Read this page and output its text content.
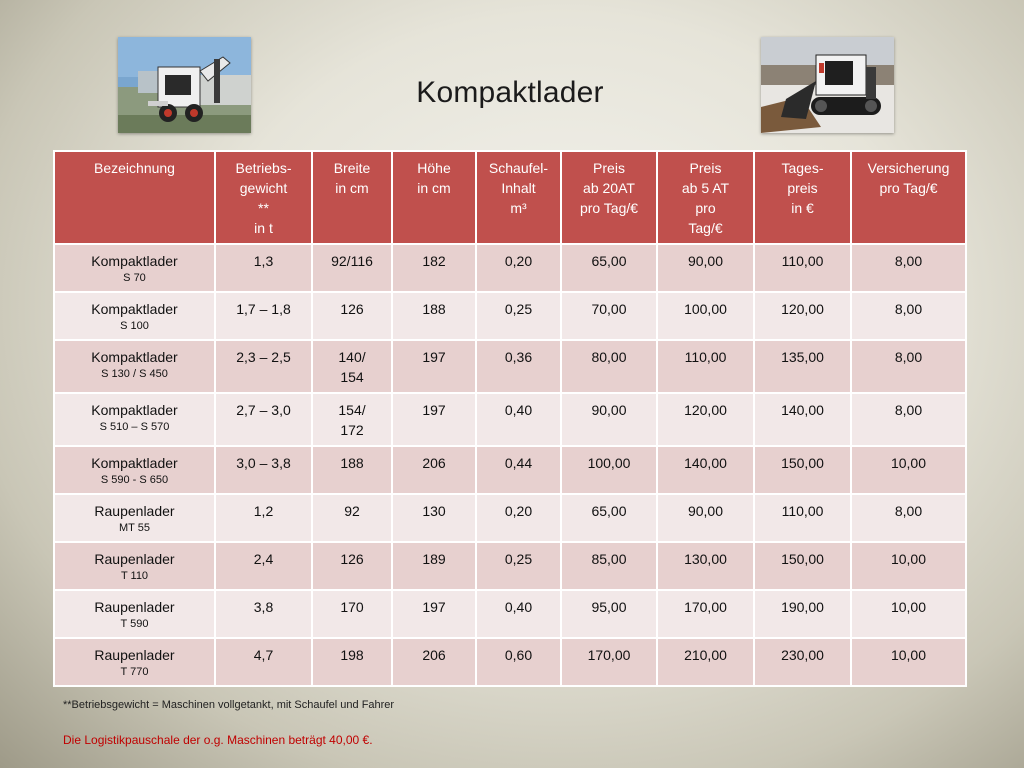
Kompaktlader
Bezeichnung	Betriebs-
gewicht
**
in t	Breite
in cm	Höhe
in cm	Schaufel-
Inhalt
m³	Preis
ab 20AT
pro Tag/€	Preis
ab 5 AT
pro
Tag/€	Tages-
preis
in €	Versicherung
pro Tag/€

Kompaktlader
S 70	1,3	92/116	182	0,20	65,00	90,00	110,00	8,00

Kompaktlader
S 100	1,7 – 1,8	126	188	0,25	70,00	100,00	120,00	8,00

Kompaktlader
S 130 / S 450	2,3 – 2,5	140/
154	197	0,36	80,00	110,00	135,00	8,00

Kompaktlader
S 510 – S 570	2,7 – 3,0	154/
172	197	0,40	90,00	120,00	140,00	8,00

Kompaktlader
S 590 - S 650	3,0 – 3,8	188	206	0,44	100,00	140,00	150,00	10,00

Raupenlader
MT 55	1,2	92	130	0,20	65,00	90,00	110,00	8,00

Raupenlader
T 110	2,4	126	189	0,25	85,00	130,00	150,00	10,00

Raupenlader
T 590	3,8	170	197	0,40	95,00	170,00	190,00	10,00

Raupenlader
T 770	4,7	198	206	0,60	170,00	210,00	230,00	10,00
**Betriebsgewicht = Maschinen vollgetankt, mit Schaufel und Fahrer
Die Logistikpauschale der o.g. Maschinen beträgt 40,00 €.
